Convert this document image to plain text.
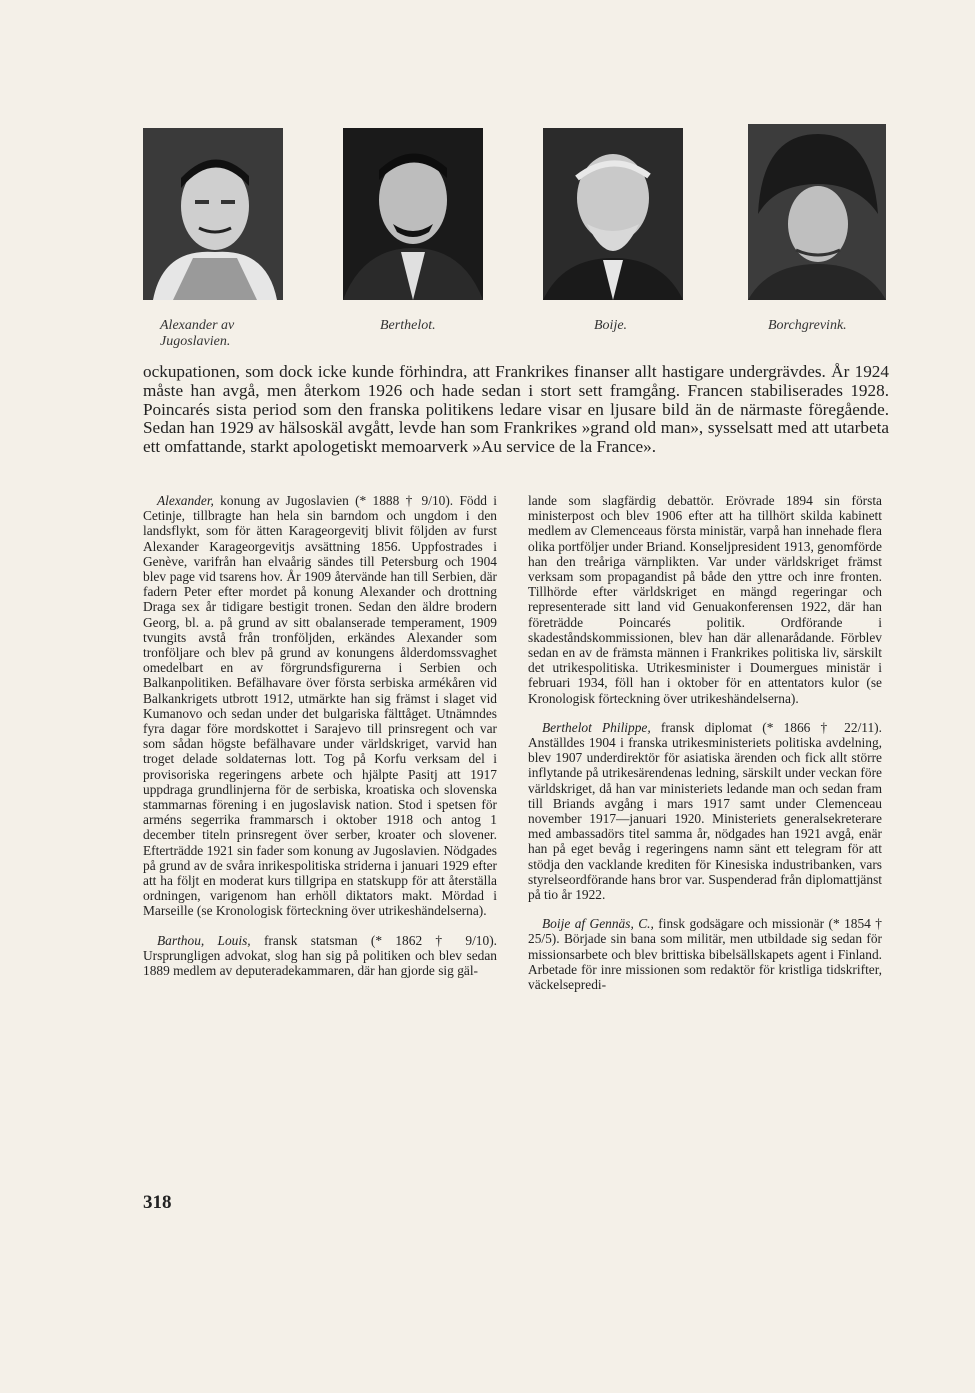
Alexander av Jugoslavien.
Berthelot.	Boije.	Borchgrevink.

ockupationen, som dock icke kunde förhindra, att Frankrikes finanser allt hastigare undergrävdes. År 1924 måste han avgå, men återkom 1926 och hade sedan i stort sett framgång. Francen stabiliserades 1928. Poincarés sista period som den franska politikens ledare visar en ljusare bild än de närmaste föregående. Sedan han 1929 av hälsoskäl avgått, levde han som Frankrikes »grand old man», sysselsatt med att utarbeta ett omfattande, starkt apologetiskt memoarverk »Au service de la France».

Alexander, konung av Jugoslavien (* 1888 † 9/10). Född i Cetinje, tillbragte han hela sin barndom och ungdom i den landsflykt, som för ätten Karageorgevitj blivit följden av furst Alexander Karageorgevitjs avsättning 1856. Uppfostrades i Genève, varifrån han elvaårig sändes till Petersburg och 1904 blev page vid tsarens hov. År 1909 återvände han till Serbien, där fadern Peter efter mordet på konung Alexander och drottning Draga sex år tidigare bestigit tronen. Sedan den äldre brodern Georg, bl. a. på grund av sitt obalanserade temperament, 1909 tvungits avstå från tronföljden, erkändes Alexander som tronföljare och blev på grund av konungens ålderdomssvaghet omedelbart en av förgrundsfigurerna i Serbien och Balkanpolitiken. Befälhavare över första serbiska armékåren vid Balkankrigets utbrott 1912, utmärkte han sig främst i slaget vid Kumanovo och sedan under det bulgariska fälttåget. Utnämndes fyra dagar före mordskottet i Sarajevo till prinsregent och var som sådan högste befälhavare under världskriget, varvid han troget delade soldaternas lott. Tog på Korfu verksam del i provisoriska regeringens arbete och hjälpte Pasitj att 1917 uppdraga grundlinjerna för de serbiska, kroatiska och slovenska stammarnas förening i en jugoslavisk nation. Stod i spetsen för arméns segerrika frammarsch i oktober 1918 och antog 1 december titeln prinsregent över serber, kroater och slovener. Efterträdde 1921 sin fader som konung av Jugoslavien. Nödgades på grund av de svåra inrikespolitiska striderna i januari 1929 efter att ha följt en moderat kurs tillgripa en statskupp för att återställa ordningen, varigenom han erhöll diktators makt. Mördad i Marseille (se Kronologisk förteckning över utrikeshändelserna).

Barthou, Louis, fransk statsman (* 1862 † 9/10). Ursprungligen advokat, slog han sig på politiken och blev sedan 1889 medlem av deputeradekammaren, där han gjorde sig gäl-

lande som slagfärdig debattör. Erövrade 1894 sin första ministerpost och blev 1906 efter att ha tillhört skilda kabinett medlem av Clemenceaus första ministär, varpå han innehade flera olika portföljer under Briand. Konseljpresident 1913, genomförde han den treåriga värnplikten. Var under världskriget främst verksam som propagandist på både den yttre och inre fronten. Tillhörde efter världskriget en mängd regeringar och representerade sitt land vid Genuakonferensen 1922, där han företrädde Poincarés politik. Ordförande i skadeståndskommissionen, blev han där allenarådande. Förblev sedan en av de främsta männen i Frankrikes politiska liv, särskilt det utrikespolitiska. Utrikesminister i Doumergues ministär i februari 1934, föll han i oktober för en attentators kulor (se Kronologisk förteckning över utrikeshändelserna).

Berthelot Philippe, fransk diplomat (* 1866 † 22/11). Anställdes 1904 i franska utrikesministeriets politiska avdelning, blev 1907 underdirektör för asiatiska ärenden och fick allt större inflytande på utrikesärendenas ledning, särskilt under veckan före världskriget, då han var ministeriets ledande man och sedan fram till Briands avgång i mars 1917 samt under Clemenceau november 1917—januari 1920. Ministeriets generalsekreterare med ambassadörs titel samma år, nödgades han 1921 avgå, enär han på eget bevåg i regeringens namn sänt ett telegram för att stödja den vacklande krediten för Kinesiska industribanken, vars styrelseordförande hans bror var. Suspenderad från diplomattjänst på tio år 1922.

Boije af Gennäs, C., finsk godsägare och missionär (* 1854 † 25/5). Började sin bana som militär, men utbildade sig sedan för missionsarbete och blev brittiska bibelsällskapets agent i Finland. Arbetade för inre missionen som redaktör för kristliga tidskrifter, väckelsepredi-

318
